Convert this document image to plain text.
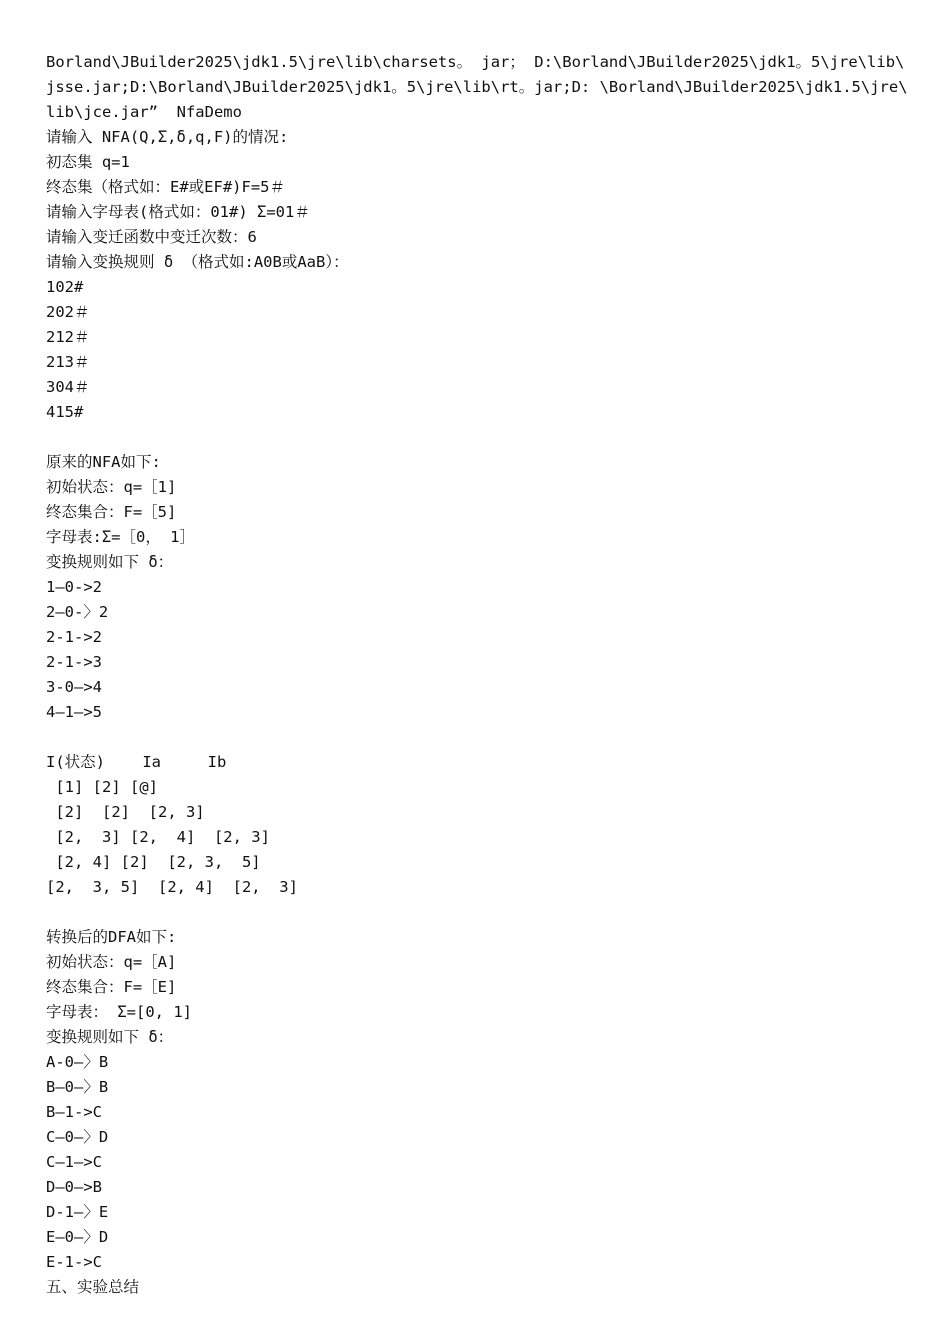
Borland\JBuilder2025\jdk1.5\jre\lib\charsets。 jar； D:\Borland\JBuilder2025\jdk1。5\jre\lib\
jsse.jar;D:\Borland\JBuilder2025\jdk1。5\jre\lib\rt。jar;D: \Borland\JBuilder2025\jdk1.5\jre\
lib\jce.jar”  NfaDemo
请输入 NFA(Q,Σ,δ,q,F)的情况:
初态集 q=1
终态集（格式如：E#或EF#)F=5＃
请输入字母表(格式如：01#) Σ=01＃
请输入变迁函数中变迁次数：6
请输入变换规则 δ （格式如:A0B或AaB）：
102#
202＃
212＃
213＃
304＃
415#
原来的NFA如下:
初始状态：q=［1]
终态集合：F=［5]
字母表:Σ=［0， 1］
变换规则如下 δ：
1—0->2
2—0-〉2
2-1->2
2-1->3
3-0—>4
4—1—>5
I(状态)    Ia     Ib
[1] [2] [@]
[2]  [2]  [2, 3]
[2,  3] [2,  4]  [2, 3]
[2, 4] [2]  [2, 3,  5]
[2,  3, 5]  [2, 4]  [2,  3]
转换后的DFA如下:
初始状态：q=［A]
终态集合：F=［E]
字母表： Σ=[0, 1]
变换规则如下 δ：
A-0—〉B
B—0—〉B
B—1->C
C—0—〉D
C—1—>C
D—0—>B
D-1—〉E
E—0—〉D
E-1->C
五、实验总结
